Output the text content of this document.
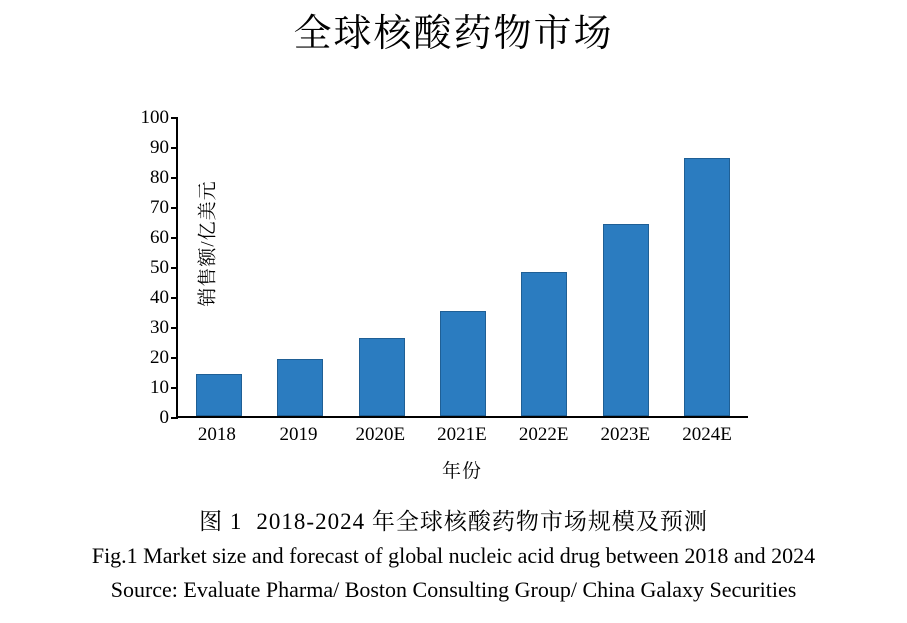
全球核酸药物市场
销售额/亿美元
0
10
20
30
40
50
60
70
80
90
100
2018	2019	2020E	2021E	2022E	2023E	2024E
年份
图 1 2018-2024 年全球核酸药物市场规模及预测
Fig.1 Market size and forecast of global nucleic acid drug between 2018 and 2024
Source: Evaluate Pharma/ Boston Consulting Group/ China Galaxy Securities
